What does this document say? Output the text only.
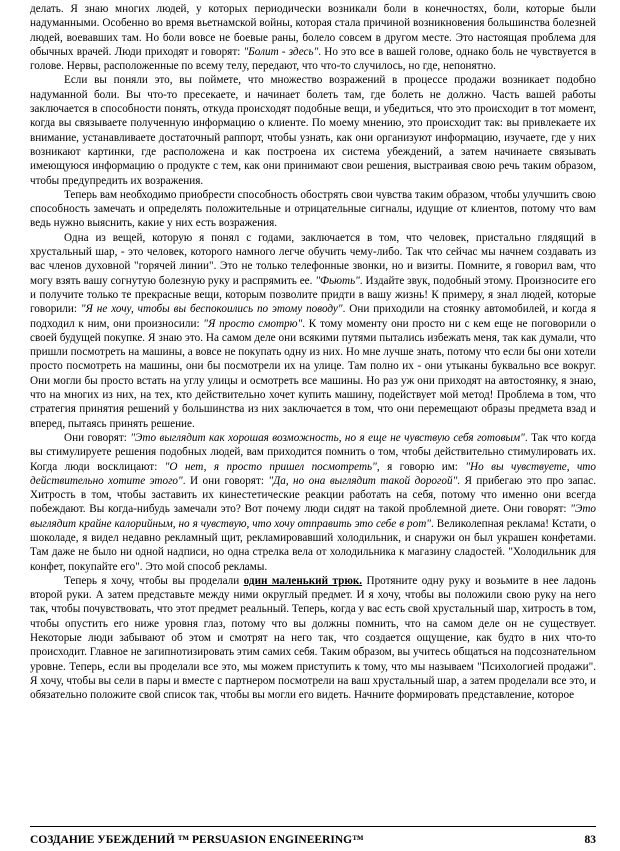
делать. Я знаю многих людей, у которых периодически возникали боли в конечностях, боли, которые были надуманными. Особенно во время вьетнамской войны, которая стала причиной возникновения большинства болезней людей, воевавших там. Но боли вовсе не боевые раны, болело совсем в другом месте. Это настоящая проблема для обычных врачей. Люди приходят и говорят: "Болит - здесь". Но это все в вашей голове, однако боль не чувствуется в голове. Нервы, расположенные по всему телу, передают, что что-то случилось, но где, непонятно.

Если вы поняли это, вы поймете, что множество возражений в процессе продажи возникает подобно надуманной боли. Вы что-то пресекаете, и начинает болеть там, где болеть не должно. Часть вашей работы заключается в способности понять, откуда происходят подобные вещи, и убедиться, что это происходит в тот момент, когда вы связываете полученную информацию о клиенте. По моему мнению, это происходит так: вы привлекаете их внимание, устанавливаете достаточный раппорт, чтобы узнать, как они организуют информацию, изучаете, где у них возникают картинки, где расположена и как построена их система убеждений, а затем начинаете связывать имеющуюся информацию о продукте с тем, как они принимают свои решения, выстраивая свою речь таким образом, чтобы предупредить их возражения.

Теперь вам необходимо приобрести способность обострять свои чувства таким образом, чтобы улучшить свою способность замечать и определять положительные и отрицательные сигналы, идущие от клиентов, потому что вам ведь нужно выяснить, какие у них есть возражения.

Одна из вещей, которую я понял с годами, заключается в том, что человек, пристально глядящий в хрустальный шар, - это человек, которого намного легче обучить чему-либо. Так что сейчас мы начнем создавать из вас членов духовной "горячей линии". Это не только телефонные звонки, но и визиты. Помните, я говорил вам, что могу взять вашу согнутую болезную руку и распрямить ее. "Фьють". Издайте звук, подобный этому. Произносите его и получите только те прекрасные вещи, которым позволите придти в вашу жизнь! К примеру, я знал людей, которые говорили: "Я не хочу, чтобы вы беспокоились по этому поводу". Они приходили на стоянку автомобилей, и когда я подходил к ним, они произносили: "Я просто смотрю". К тому моменту они просто ни с кем еще не поговорили о своей будущей покупке. Я знаю это. На самом деле они всякими путями пытались избежать меня, так как думали, что пришли посмотреть на машины, а вовсе не покупать одну из них. Но мне лучше знать, потому что если бы они хотели просто посмотреть на машины, они бы посмотрели их на улице. Там полно их - они утыканы буквально все вокруг. Они могли бы просто встать на углу улицы и осмотреть все машины. Но раз уж они приходят на автостоянку, я знаю, что на многих из них, на тех, кто действительно хочет купить машину, подействует мой метод! Проблема в том, что стратегия принятия решений у большинства из них заключается в том, что они перемещают образы предмета взад и вперед, пытаясь принять решение.

Они говорят: "Это выглядит как хорошая возможность, но я еще не чувствую себя готовым". Так что когда вы стимулируете решения подобных людей, вам приходится помнить о том, чтобы действительно стимулировать их. Когда люди восклицают: "О нет, я просто пришел посмотреть", я говорю им: "Но вы чувствуете, что действительно хотите этого". И они говорят: "Да, но она выглядит такой дорогой". Я прибегаю это про запас. Хитрость в том, чтобы заставить их кинестетические реакции работать на себя, потому что именно они всегда побеждают. Вы когда-нибудь замечали это? Вот почему люди сидят на такой проблемной диете. Они говорят: "Это выглядит крайне калорийным, но я чувствую, что хочу отправить это себе в рот". Великолепная реклама! Кстати, о шоколаде, я видел недавно рекламный щит, рекламировавший холодильник, и снаружи он был украшен конфетами. Там даже не было ни одной надписи, но одна стрелка вела от холодильника к магазину сладостей. "Холодильник для конфет, покупайте его". Это мой способ рекламы.

Теперь я хочу, чтобы вы проделали один маленький трюк. Протяните одну руку и возьмите в нее ладонь второй руки. А затем представьте между ними округлый предмет. И я хочу, чтобы вы положили свою руку на него так, чтобы почувствовать, что этот предмет реальный. Теперь, когда у вас есть свой хрустальный шар, хитрость в том, чтобы опустить его ниже уровня глаз, потому что вы должны помнить, что на самом деле он не существует. Некоторые люди забывают об этом и смотрят на него так, что создается ощущение, как будто в них что-то происходит. Главное не загипнотизировать этим самих себя. Таким образом, вы учитесь общаться на подсознательном уровне. Теперь, если вы проделали все это, мы можем приступить к тому, что мы называем "Психологией продажи". Я хочу, чтобы вы сели в пары и вместе с партнером посмотрели на ваш хрустальный шар, а затем проделали все это, и обязательно положите свой список так, чтобы вы могли его видеть. Начните формировать представление, которое

СОЗДАНИЕ УБЕЖДЕНИЙ ™ PERSUASION ENGINEERING™	83
